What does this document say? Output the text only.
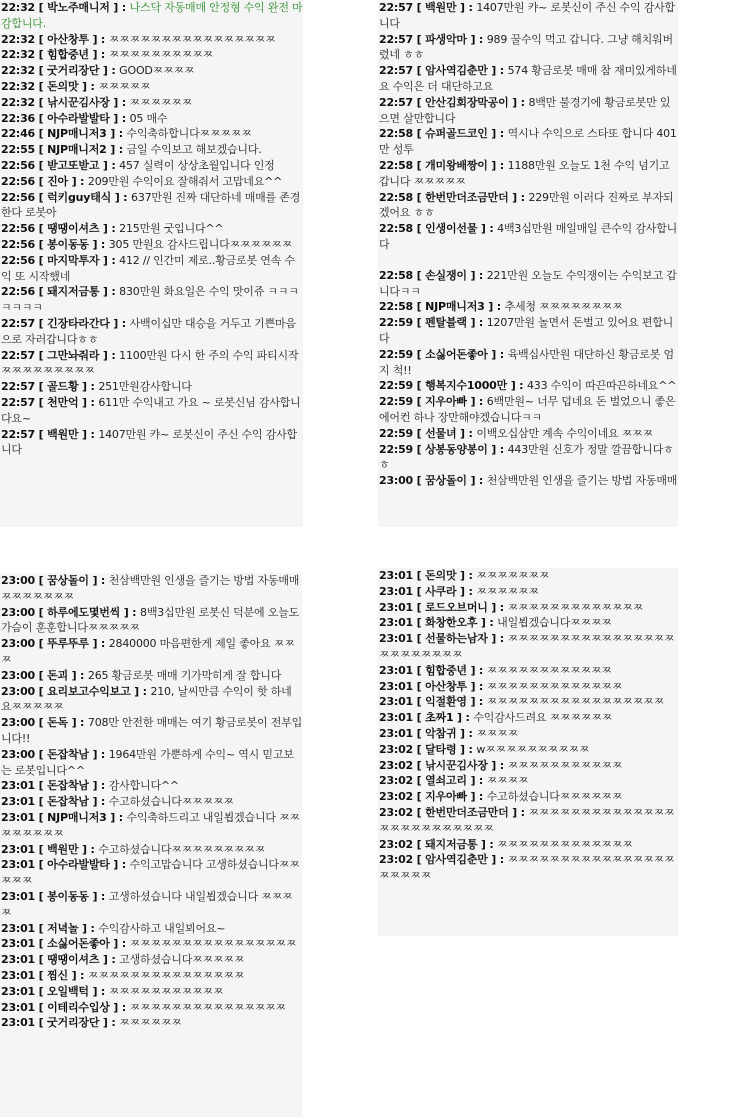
22:32 [ 박노주매니저 ] : 나스닥 자동매매 안정형 수익 완전 마감합니다.
22:32 [ 아산창투 ] : ㅉㅉㅉㅉㅉㅉㅉㅉㅉㅉㅉㅉㅉㅉㅉㅉ
22:32 [ 힘합중년 ] : ㅉㅉㅉㅉㅉㅉㅉㅉㅉㅉ
22:32 [ 굿거리장단 ] : GOODㅉㅉㅉㅉ
22:32 [ 돈의맛 ] : ㅉㅉㅉㅉㅉ
22:32 [ 낚시꾼김사장 ] : ㅉㅉㅉㅉㅉㅉ
22:36 [ 아수라발발타 ] : 05 매수
22:46 [ NJP매니저3 ] : 수익축하합니다ㅉㅉㅉㅉㅉ
22:55 [ NJP매니저2 ] : 금일 수익보고 해보겠습니다.
22:56 [ 받고또받고 ] : 457 실력이 상상초월입니다 인정
22:56 [ 진아 ] : 209만원 수익이요 잘해줘서 고맙네요^^
22:56 [ 럭키guy태식 ] : 637만원 진짜 대단하네 매매를 존경한다 로봇아
22:56 [ 땡땡이셔츠 ] : 215만원 굿입니다^^
22:56 [ 봉이동동 ] : 305 만원요 감사드립니다ㅉㅉㅉㅉㅉㅉ
22:56 [ 마지막투자 ] : 412 // 인간미 제로..황금로봇 연속 수익 또 시작했네
22:56 [ 돼지저금통 ] : 830만원 화요일은 수익 맛이쥬 ㅋㅋㅋㅋㅋㅋㅋ
22:57 [ 긴장타라간다 ] : 사백이십만 대승을 거두고 기쁜마음으로 자러갑니다ㅎㅎ
22:57 [ 그만놔줘라 ] : 1100만원 다시 한 주의 수익 파티시작ㅉㅉㅉㅉㅉㅉㅉㅉㅉ
22:57 [ 골드황 ] : 251만원감사합니다
22:57 [ 천만억 ] : 611만 수익내고 가요 ~ 로봇신님 감사합니다요~
22:57 [ 백원만 ] : 1407만원 캬~ 로봇신이 주신 수익 감사합니다
22:57 [ 백원만 ] : 1407만원 캬~ 로봇신이 주신 수익 감사합니다
22:57 [ 파생악마 ] : 989 꿀수익 먹고 갑니다. 그냥 해치워버렸네 ㅎㅎ
22:57 [ 암사역김춘만 ] : 574 황금로봇 매매 참 재미있게하네요 수익은 더 대단하고요
22:57 [ 안산김회장막공이 ] : 8백만 불경기에 황금로봇만 있으면 살만합니다
22:58 [ 슈퍼골드코인 ] : 역시나 수익으로 스타또 합니다 401만 성투
22:58 [ 개미왕배짱이 ] : 1188만원 오늘도 1천 수익 넘기고 갑니다 ㅉㅉㅉㅉㅉ
22:58 [ 한번만더조금만더 ] : 229만원 이러다 진짜로 부자되겠어요 ㅎㅎ
22:58 [ 인생이선물 ] : 4백3십만원 매일매일 큰수익 감사합니다
22:58 [ 손실쟁이 ] : 221만원 오늘도 수익쟁이는 수익보고 갑니다ㅋㅋ
22:58 [ NJP매니저3 ] : 추세청 ㅉㅉㅉㅉㅉㅉㅉㅉ
22:59 [ 펜탈블랙 ] : 1207만원 놀면서 돈벌고 있어요 편합니다
22:59 [ 소싫어돈좋아 ] : 육백십사만원 대단하신 황금로봇 엄지 척!!
22:59 [ 행복지수1000만 ] : 433 수익이 따끈따끈하네요^^
22:59 [ 지우아빠 ] : 6백만원~ 너무 덥네요 돈 벌었으니 좋은 에어컨 하나 장만해야겠습니다ㅋㅋ
22:59 [ 선물녀 ] : 이백오십삼만 계속 수익이네요 ㅉㅉㅉ
22:59 [ 상봉동양봉이 ] : 443만원 신호가 정말 깔끔합니다ㅎㅎ
23:00 [ 꿈상돌이 ] : 천삼백만원 인생을 즐기는 방법 자동매매
23:00 [ 꿈상돌이 ] : 천삼백만원 인생을 즐기는 방법 자동매매ㅉㅉㅉㅉㅉㅉㅉ
23:00 [ 하루에도몇번씩 ] : 8백3십만원 로봇신 덕분에 오늘도 가슴이 훈훈합니다ㅉㅉㅉㅉㅉ
23:00 [ 뚜루뚜루 ] : 2840000 마음편한게 제일 좋아요 ㅉㅉㅉ
23:00 [ 돈괴 ] : 265 황금로봇 매매 기가막히게 잘 합니다
23:00 [ 요리보고수익보고 ] : 210, 날씨만큼 수익이 핫 하네요ㅉㅉㅉㅉㅉ
23:00 [ 돈독 ] : 708만 안전한 매매는 여기 황금로봇이 전부입니다!!
23:00 [ 돈잡착남 ] : 1964만원 가뿐하게 수익~ 역시 믿고보는 로봇입니다^^
23:01 [ 돈잡착남 ] : 감사합니다^^
23:01 [ 돈잡착남 ] : 수고하셨습니다ㅉㅉㅉㅉㅉ
23:01 [ NJP매니저3 ] : 수익축하드리고 내일뵙겠습니다 ㅉㅉㅉㅉㅉㅉㅉㅉ
23:01 [ 백원만 ] : 수고하셨습니다ㅉㅉㅉㅉㅉㅉㅉㅉㅉ
23:01 [ 아수라발발타 ] : 수익고맙습니다 고생하셨습니다ㅉㅉㅉㅉㅉ
23:01 [ 봉이동동 ] : 고생하셨습니다 내일뵙겠습니다 ㅉㅉㅉㅉ
23:01 [ 저녁놀 ] : 수익감사하고 내일뵈어요~
23:01 [ 소싫어돈좋아 ] : ㅉㅉㅉㅉㅉㅉㅉㅉㅉㅉㅉㅉㅉㅉㅉㅉ
23:01 [ 땡땡이셔츠 ] : 고생하셨습니다ㅉㅉㅉㅉㅉ
23:01 [ 찜신 ] : ㅉㅉㅉㅉㅉㅉㅉㅉㅉㅉㅉㅉㅉㅉㅉ
23:01 [ 오일백턱 ] : ㅉㅉㅉㅉㅉㅉㅉㅉㅉㅉㅉ
23:01 [ 이테리수입상 ] : ㅉㅉㅉㅉㅉㅉㅉㅉㅉㅉㅉㅉㅉㅉㅉ
23:01 [ 굿거리장단 ] : ㅉㅉㅉㅉㅉㅉ
23:01 [ 돈의맛 ] : ㅉㅉㅉㅉㅉㅉㅉ
23:01 [ 사쿠라 ] : ㅉㅉㅉㅉㅉㅉ
23:01 [ 로드오브머니 ] : ㅉㅉㅉㅉㅉㅉㅉㅉㅉㅉㅉㅉㅉ
23:01 [ 화창한오후 ] : 내일뵙겠습니다ㅉㅉㅉㅉ
23:01 [ 선물하는남자 ] : ㅉㅉㅉㅉㅉㅉㅉㅉㅉㅉㅉㅉㅉㅉㅉㅉㅉㅉㅉㅉㅉㅉㅉㅉ
23:01 [ 힘합중년 ] : ㅉㅉㅉㅉㅉㅉㅉㅉㅉㅉㅉㅉ
23:01 [ 아산창투 ] : ㅉㅉㅉㅉㅉㅉㅉㅉㅉㅉㅉㅉㅉ
23:01 [ 익절환영 ] : ㅉㅉㅉㅉㅉㅉㅉㅉㅉㅉㅉㅉㅉㅉㅉㅉㅉ
23:01 [ 초짜1 ] : 수익감사드려요 ㅉㅉㅉㅉㅉㅉ
23:01 [ 악참귀 ] : ㅉㅉㅉㅉ
23:02 [ 달타령 ] : wㅉㅉㅉㅉㅉㅉㅉㅉㅉㅉ
23:02 [ 낚시꾼김사장 ] : ㅉㅉㅉㅉㅉㅉㅉㅉㅉㅉㅉ
23:02 [ 열쇠고리 ] : ㅉㅉㅉㅉ
23:02 [ 지우아빠 ] : 수고하셨습니다ㅉㅉㅉㅉㅉㅉ
23:02 [ 한번만더조금만더 ] : ㅉㅉㅉㅉㅉㅉㅉㅉㅉㅉㅉㅉㅉㅉㅉㅉㅉㅉㅉㅉㅉㅉㅉㅉㅉ
23:02 [ 돼지저금통 ] : ㅉㅉㅉㅉㅉㅉㅉㅉㅉㅉㅉㅉㅉ
23:02 [ 암사역김춘만 ] : ㅉㅉㅉㅉㅉㅉㅉㅉㅉㅉㅉㅉㅉㅉㅉㅉㅉㅉㅉㅉㅉ
